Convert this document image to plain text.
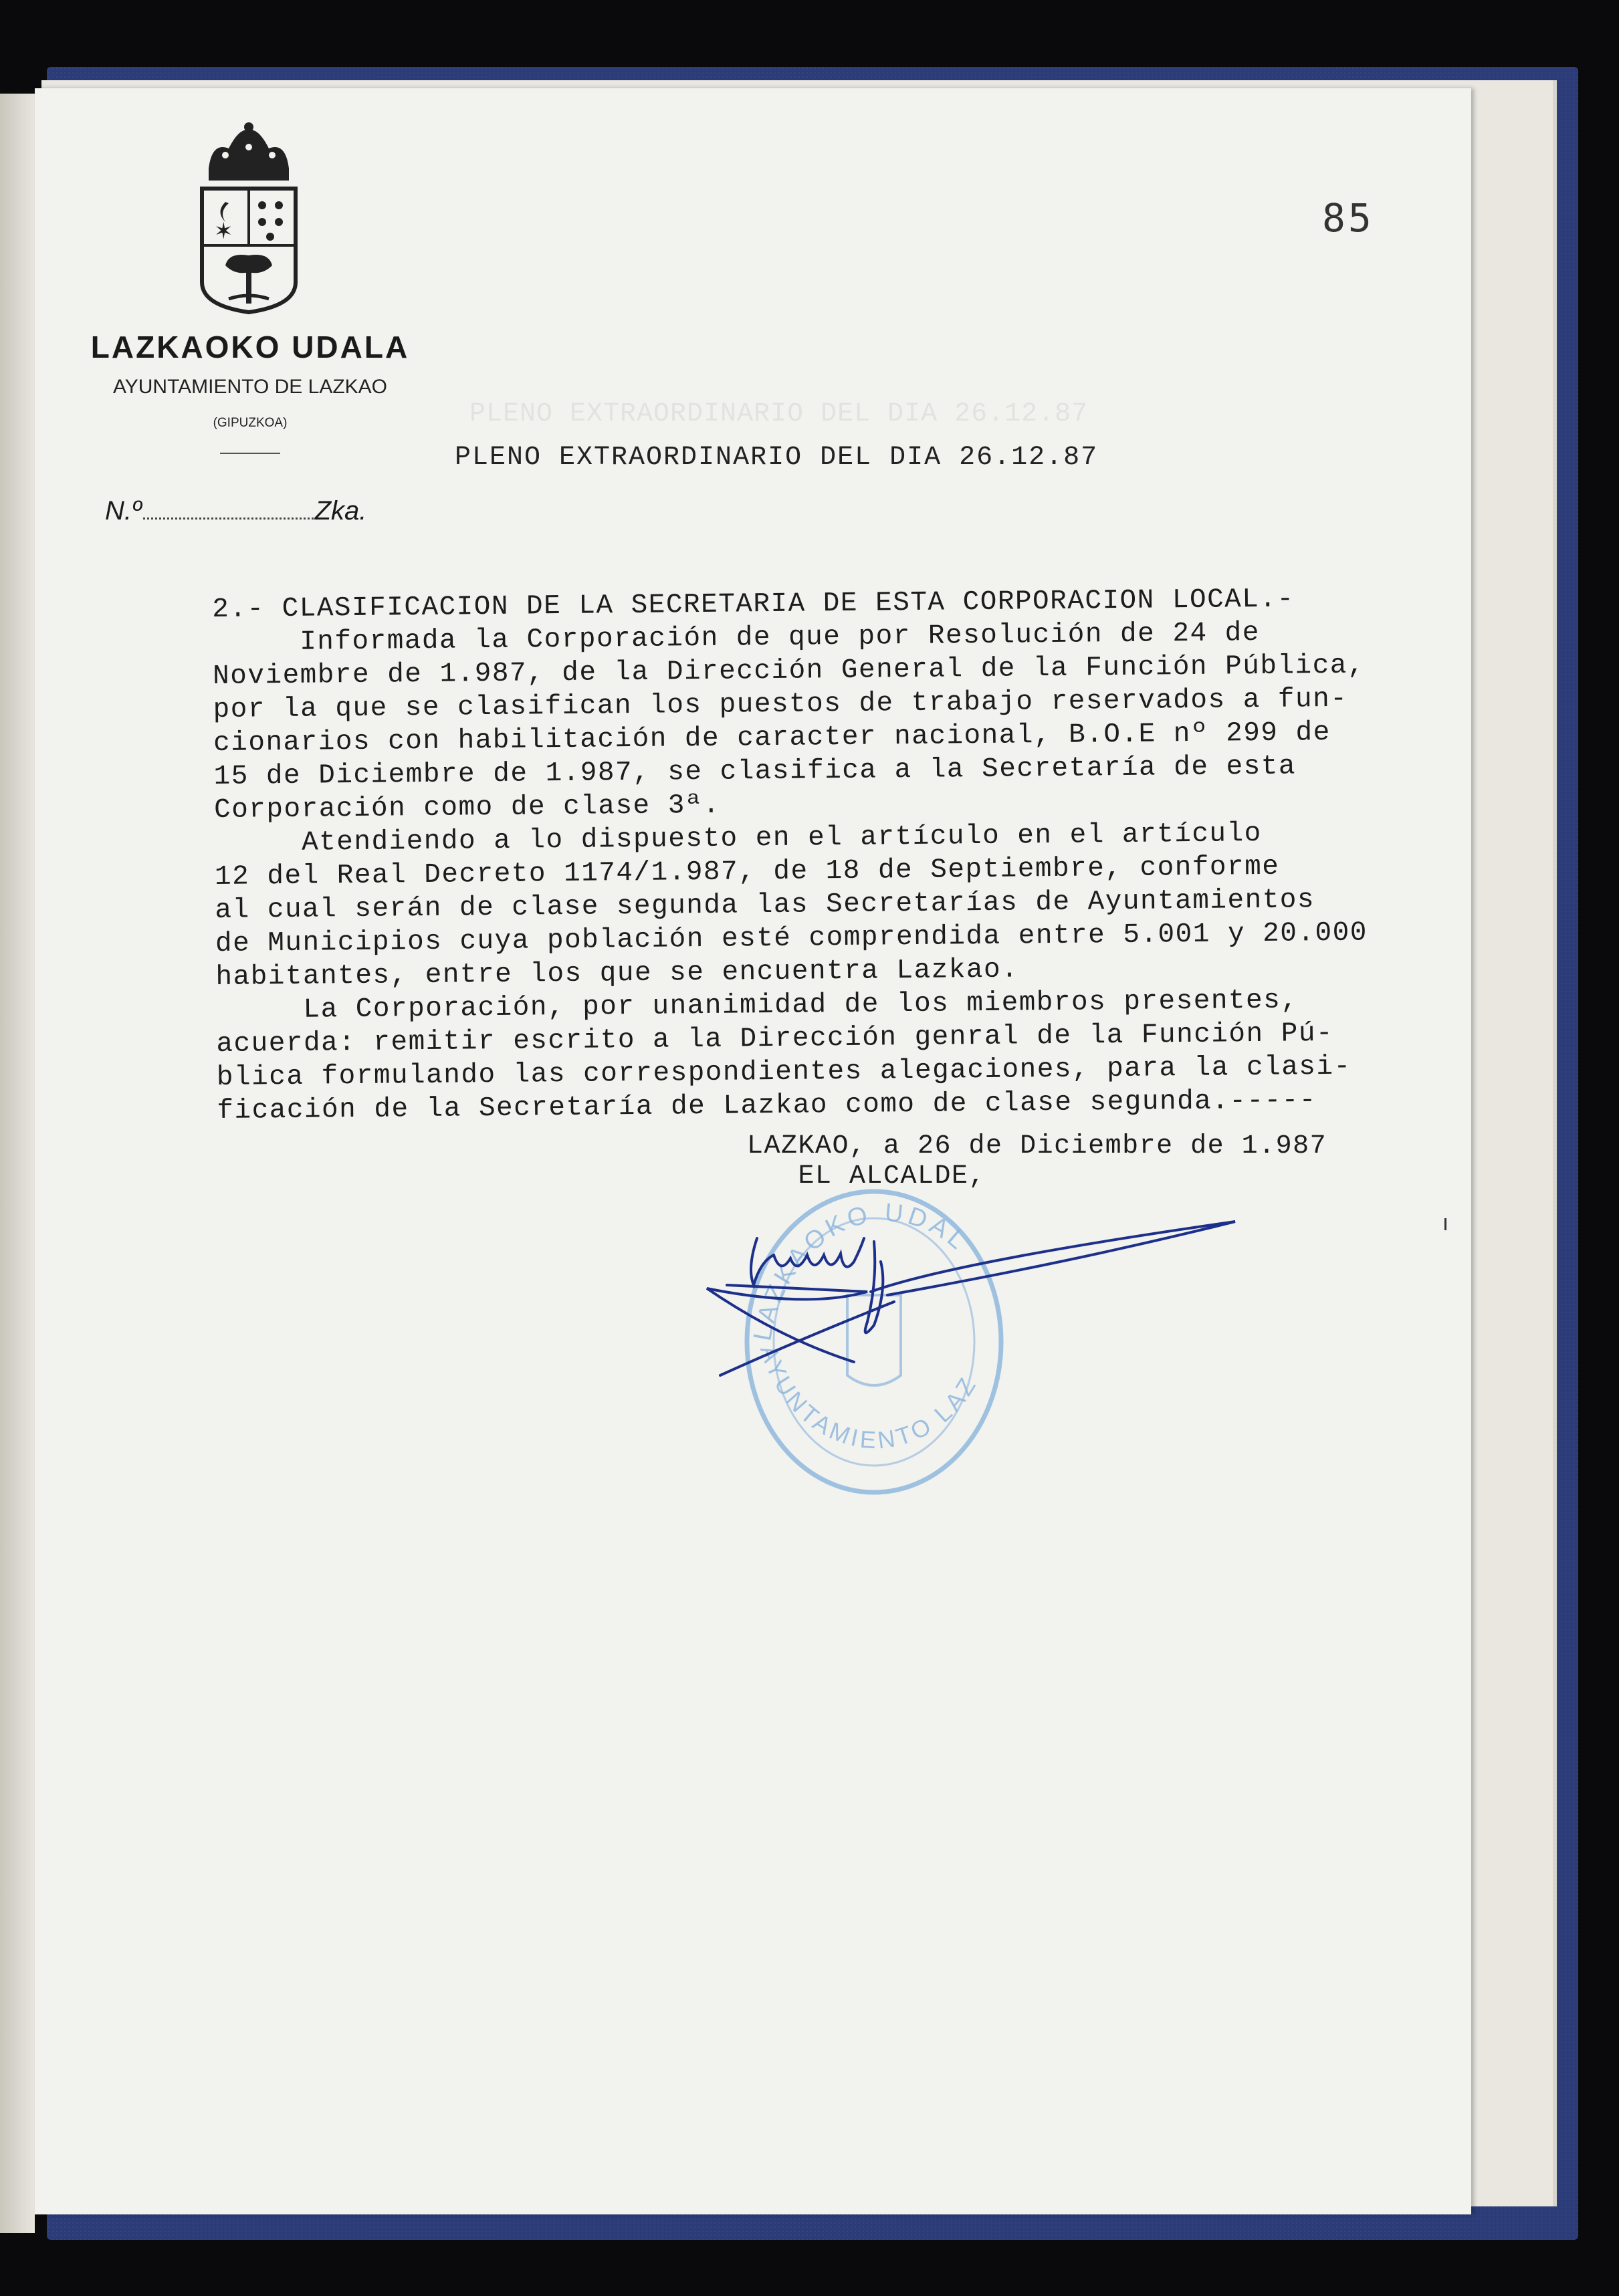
✶
LAZKAOKO UDALA
AYUNTAMIENTO DE LAZKAO
(GIPUZKOA)
N.º	Zka.
85
PLENO EXTRAORDINARIO DEL DIA 26.12.87
PLENO EXTRAORDINARIO DEL DIA 26.12.87
2.- CLASIFICACION DE LA SECRETARIA DE ESTA CORPORACION LOCAL.-
Informada la Corporación de que por Resolución de 24 de
Noviembre de 1.987, de la Dirección General de la Función Pública,
por la que se clasifican los puestos de trabajo reservados a fun-
cionarios con habilitación de caracter nacional, B.O.E nº 299 de
15 de Diciembre de 1.987, se clasifica a la Secretaría de esta
Corporación como de clase 3ª.
Atendiendo a lo dispuesto en el artículo en el artículo
12 del Real Decreto 1174/1.987, de 18 de Septiembre, conforme
al cual serán de clase segunda las Secretarías de Ayuntamientos
de Municipios cuya población esté comprendida entre 5.001 y 20.000
habitantes, entre los que se encuentra Lazkao.
La Corporación, por unanimidad de los miembros presentes,
acuerda: remitir escrito a la Dirección genral de la Función Pú-
blica formulando las correspondientes alegaciones, para la clasi-
ficación de la Secretaría de Lazkao como de clase segunda.-----
LAZKAO, a 26 de Diciembre de 1.987
EL ALCALDE,
LAZKAOKO UDAL
AYUNTAMIENTO LAZ
